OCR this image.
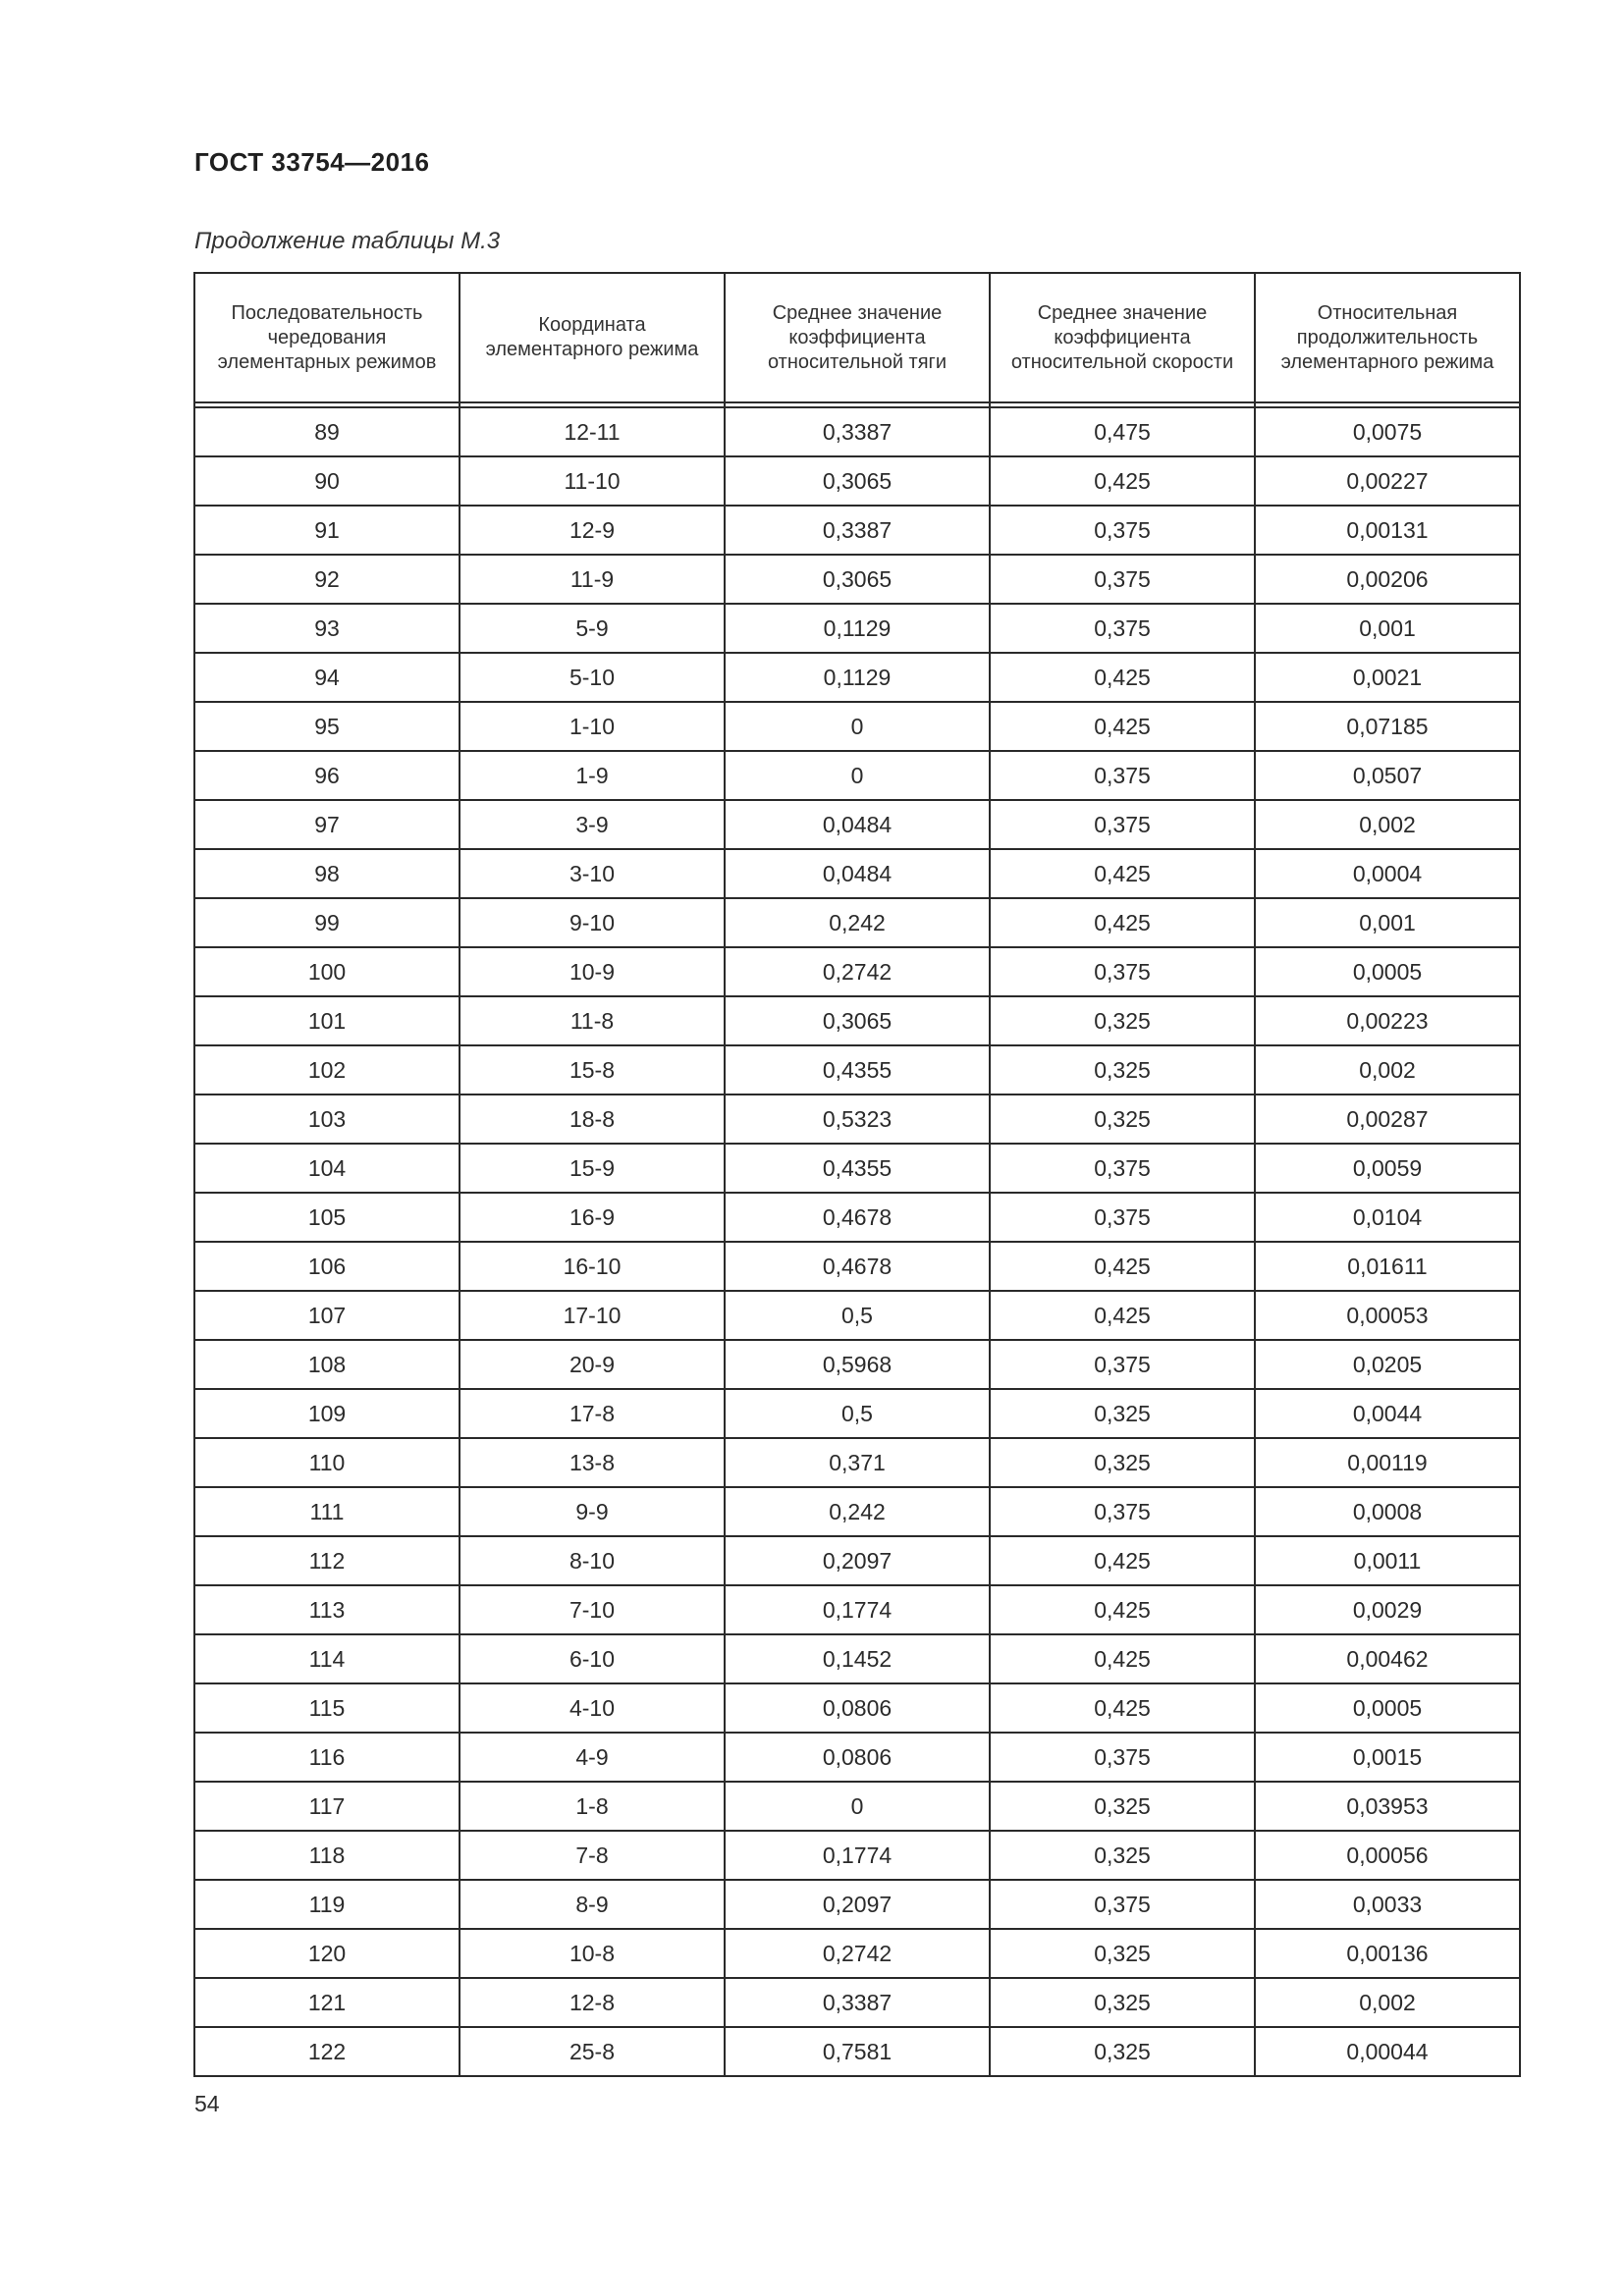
ГОСТ 33754—2016
Продолжение таблицы М.3
Последовательность чередования элементарных режимов	Координата элементарного режима	Среднее значение коэффициента относительной тяги	Среднее значение коэффициента относительной скорости	Относительная продолжительность элементарного режима

89	12-11	0,3387	0,475	0,0075
90	11-10	0,3065	0,425	0,00227
91	12-9	0,3387	0,375	0,00131
92	11-9	0,3065	0,375	0,00206
93	5-9	0,1129	0,375	0,001
94	5-10	0,1129	0,425	0,0021
95	1-10	0	0,425	0,07185
96	1-9	0	0,375	0,0507
97	3-9	0,0484	0,375	0,002
98	3-10	0,0484	0,425	0,0004
99	9-10	0,242	0,425	0,001
100	10-9	0,2742	0,375	0,0005
101	11-8	0,3065	0,325	0,00223
102	15-8	0,4355	0,325	0,002
103	18-8	0,5323	0,325	0,00287
104	15-9	0,4355	0,375	0,0059
105	16-9	0,4678	0,375	0,0104
106	16-10	0,4678	0,425	0,01611
107	17-10	0,5	0,425	0,00053
108	20-9	0,5968	0,375	0,0205
109	17-8	0,5	0,325	0,0044
110	13-8	0,371	0,325	0,00119
111	9-9	0,242	0,375	0,0008
112	8-10	0,2097	0,425	0,0011
113	7-10	0,1774	0,425	0,0029
114	6-10	0,1452	0,425	0,00462
115	4-10	0,0806	0,425	0,0005
116	4-9	0,0806	0,375	0,0015
117	1-8	0	0,325	0,03953
118	7-8	0,1774	0,325	0,00056
119	8-9	0,2097	0,375	0,0033
120	10-8	0,2742	0,325	0,00136
121	12-8	0,3387	0,325	0,002
122	25-8	0,7581	0,325	0,00044
54
